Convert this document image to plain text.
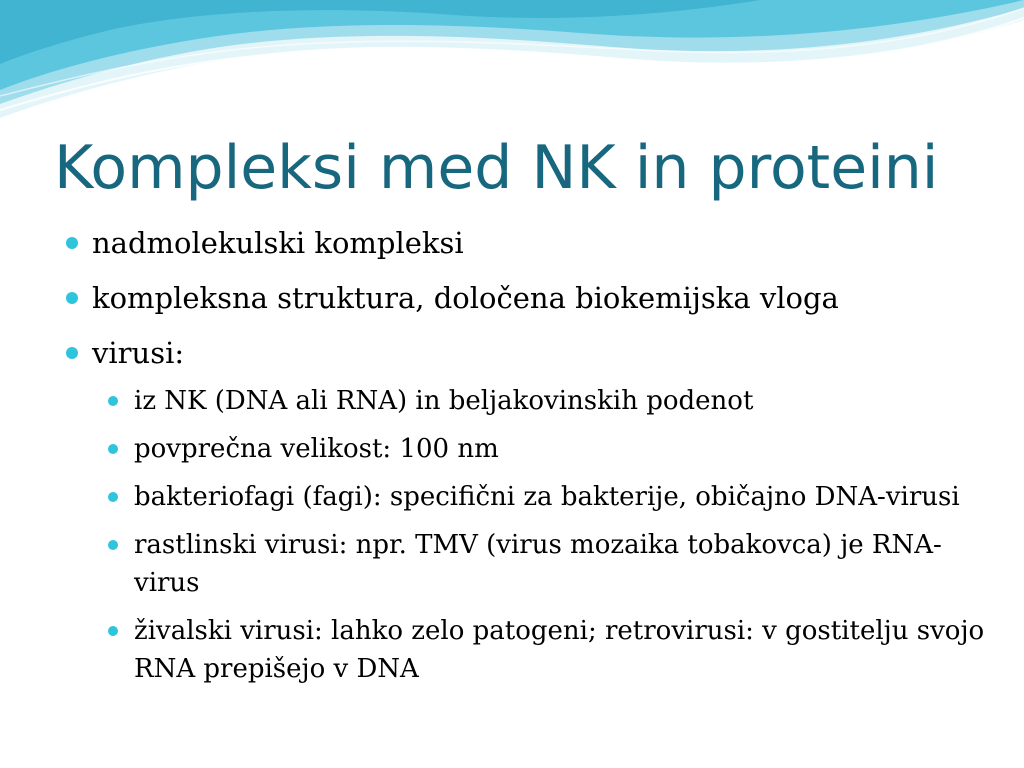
Kompleksi med NK in proteini
nadmolekulski kompleksi
kompleksna struktura, določena biokemijska vloga
virusi:
iz NK (DNA ali RNA) in beljakovinskih podenot
povprečna velikost: 100 nm
bakteriofagi (fagi): specifični za bakterije, običajno DNA-virusi
rastlinski virusi: npr. TMV (virus mozaika tobakovca) je RNA-virus
živalski virusi: lahko zelo patogeni; retrovirusi: v gostitelju svojo RNA prepišejo v DNA
